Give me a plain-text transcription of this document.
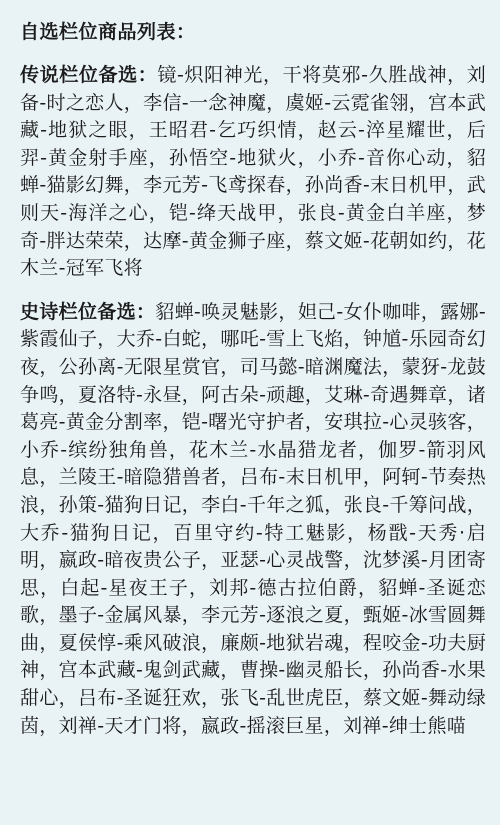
自选栏位商品列表：
传说栏位备选：镜-炽阳神光，干将莫邪-久胜战神，刘备-时之恋人，李信-一念神魔，虞姬-云霓雀翎，宫本武藏-地狱之眼，王昭君-乞巧织情，赵云-淬星耀世，后羿-黄金射手座，孙悟空-地狱火，小乔-音你心动，貂蝉-猫影幻舞，李元芳-飞鸢探春，孙尚香-末日机甲，武则天-海洋之心，铠-绛天战甲，张良-黄金白羊座，梦奇-胖达荣荣，达摩-黄金狮子座，蔡文姬-花朝如约，花木兰-冠军飞将
史诗栏位备选：貂蝉-唤灵魅影，妲己-女仆咖啡，露娜-紫霞仙子，大乔-白蛇，哪吒-雪上飞焰，钟馗-乐园奇幻夜，公孙离-无限星赏官，司马懿-暗渊魔法，蒙犽-龙鼓争鸣，夏洛特-永昼，阿古朵-顽趣，艾琳-奇遇舞章，诸葛亮-黄金分割率，铠-曙光守护者，安琪拉-心灵骇客，小乔-缤纷独角兽，花木兰-水晶猎龙者，伽罗-箭羽风息，兰陵王-暗隐猎兽者，吕布-末日机甲，阿轲-节奏热浪，孙策-猫狗日记，李白-千年之狐，张良-千筹问战，大乔-猫狗日记，百里守约-特工魅影，杨戬-天秀·启明，嬴政-暗夜贵公子，亚瑟-心灵战警，沈梦溪-月团寄思，白起-星夜王子，刘邦-德古拉伯爵，貂蝉-圣诞恋歌，墨子-金属风暴，李元芳-逐浪之夏，甄姬-冰雪圆舞曲，夏侯惇-乘风破浪，廉颇-地狱岩魂，程咬金-功夫厨神，宫本武藏-鬼剑武藏，曹操-幽灵船长，孙尚香-水果甜心，吕布-圣诞狂欢，张飞-乱世虎臣，蔡文姬-舞动绿茵，刘禅-天才门将，嬴政-摇滚巨星，刘禅-绅士熊喵
